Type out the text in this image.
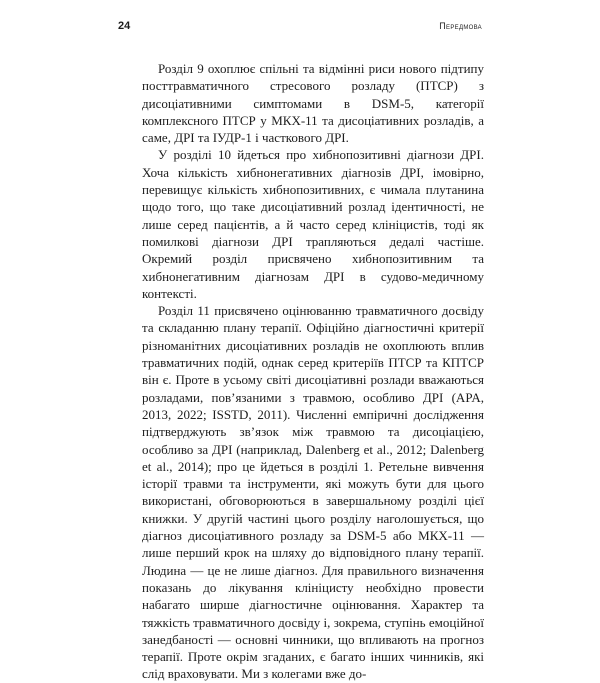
24	Передмова

Розділ 9 охоплює спільні та відмінні риси нового підтипу посттравматичного стресового розладу (ПТСР) з дисоціативними симптомами в DSM-5, категорії комплексного ПТСР у МКХ-11 та дисоціативних розладів, а саме, ДРІ та ІУДР-1 і часткового ДРІ.

У розділі 10 йдеться про хибнопозитивні діагнози ДРІ. Хоча кількість хибнонегативних діагнозів ДРІ, імовірно, перевищує кількість хибнопозитивних, є чимала плутанина щодо того, що таке дисоціативний розлад ідентичності, не лише серед пацієнтів, а й часто серед клініцистів, тоді як помилкові діагнози ДРІ трапляються дедалі частіше. Окремий розділ присвячено хибнопозитивним та хибнонегативним діагнозам ДРІ в судово-медичному контексті.

Розділ 11 присвячено оцінюванню травматичного досвіду та складанню плану терапії. Офіційно діагностичні критерії різноманітних дисоціативних розладів не охоплюють вплив травматичних подій, однак серед критеріїв ПТСР та КПТСР він є. Проте в усьому світі дисоціативні розлади вважаються розладами, пов’язаними з травмою, особливо ДРІ (APA, 2013, 2022; ISSTD, 2011). Численні емпіричні дослідження підтверджують зв’язок між травмою та дисоціацією, особливо за ДРІ (наприклад, Dalenberg et al., 2012; Dalenberg et al., 2014); про це йдеться в розділі 1. Ретельне вивчення історії травми та інструменти, які можуть бути для цього використані, обговорюються в завершальному розділі цієї книжки. У другій частині цього розділу наголошується, що діагноз дисоціативного розладу за DSM-5 або МКХ-11 — лише перший крок на шляху до відповідного плану терапії. Людина — це не лише діагноз. Для правильного визначення показань до лікування клініцисту необхідно провести набагато ширше діагностичне оцінювання. Характер та тяжкість травматичного досвіду і, зокрема, ступінь емоційної занедбаності — основні чинники, що впливають на прогноз терапії. Проте окрім згаданих, є багато інших чинників, які слід враховувати. Ми з колегами вже до-
